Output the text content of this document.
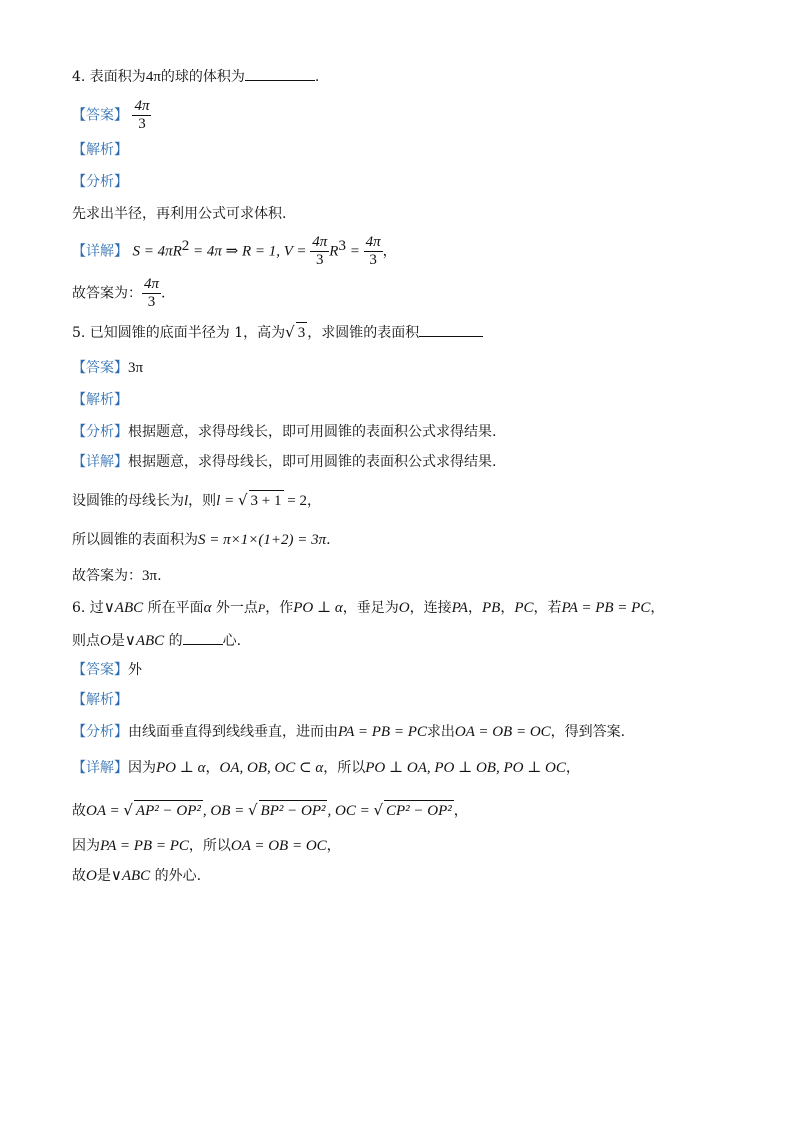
4. 表面积为4π的球的体积为	.
【答案】 $\frac{4\pi}{3}$
【解析】
【分析】
先求出半径，再利用公式可求体积.
【详解】 $S = 4\pi R^2 = 4\pi$ ⇒ R = 1, $V = \frac{4\pi}{3} R^3 = \frac{4\pi}{3}$ ，
故答案为： $\frac{4\pi}{3}$ .
5. 已知圆锥的底面半径为 1，高为√ 3 ，求圆锥的表面积
【答案】3π
【解析】
【分析】根据题意，求得母线长，即可用圆锥的表面积公式求得结果.
【详解】根据题意，求得母线长，即可用圆锥的表面积公式求得结果.
设圆锥的母线长为l，则l = √ 3 + 1 = 2，
所以圆锥的表面积为S = π×1×(1+2) = 3π.
故答案为：3π.
6. 过∨ABC 所在平面α 外一点P，作PO ⊥ α，垂足为O，连接PA，PB，PC，若PA = PB = PC，
则点O是∨ABC 的	心.
【答案】外
【解析】
【分析】由线面垂直得到线线垂直，进而由PA = PB = PC求出OA = OB = OC，得到答案.
【详解】因为PO ⊥ α，OA, OB, OC ⊂ α，所以PO ⊥ OA, PO ⊥ OB, PO ⊥ OC，
故OA = √ AP² − OP² , OB = √ BP² − OP² , OC = √ CP² − OP² ，
因为PA = PB = PC，所以OA = OB = OC，
故O是∨ABC 的外心.
